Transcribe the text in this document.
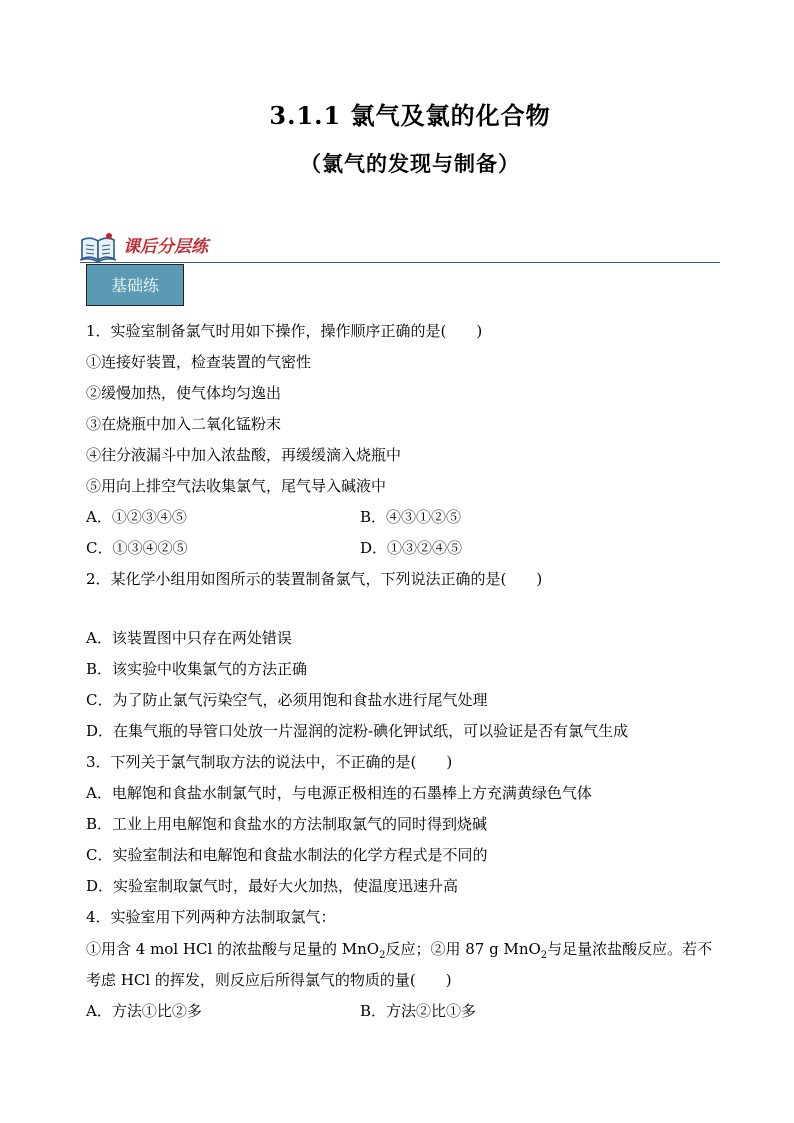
3.1.1 氯气及氯的化合物
（氯气的发现与制备）
课后分层练
基础练
1．实验室制备氯气时用如下操作，操作顺序正确的是(　　)
①连接好装置，检查装置的气密性
②缓慢加热，使气体均匀逸出
③在烧瓶中加入二氧化锰粉末
④往分液漏斗中加入浓盐酸，再缓缓滴入烧瓶中
⑤用向上排空气法收集氯气，尾气导入碱液中
A．①②③④⑤	B．④③①②⑤
C．①③④②⑤	D．①③②④⑤
2．某化学小组用如图所示的装置制备氯气，下列说法正确的是(　　)
A．该装置图中只存在两处错误
B．该实验中收集氯气的方法正确
C．为了防止氯气污染空气，必须用饱和食盐水进行尾气处理
D．在集气瓶的导管口处放一片湿润的淀粉-碘化钾试纸，可以验证是否有氯气生成
3．下列关于氯气制取方法的说法中，不正确的是(　　)
A．电解饱和食盐水制氯气时，与电源正极相连的石墨棒上方充满黄绿色气体
B．工业上用电解饱和食盐水的方法制取氯气的同时得到烧碱
C．实验室制法和电解饱和食盐水制法的化学方程式是不同的
D．实验室制取氯气时，最好大火加热，使温度迅速升高
4．实验室用下列两种方法制取氯气：
①用含 4 mol HCl 的浓盐酸与足量的 MnO$_2$反应；②用 87 g MnO$_2$与足量浓盐酸反应。若不
考虑 HCl 的挥发，则反应后所得氯气的物质的量(　　)
A．方法①比②多	B．方法②比①多
